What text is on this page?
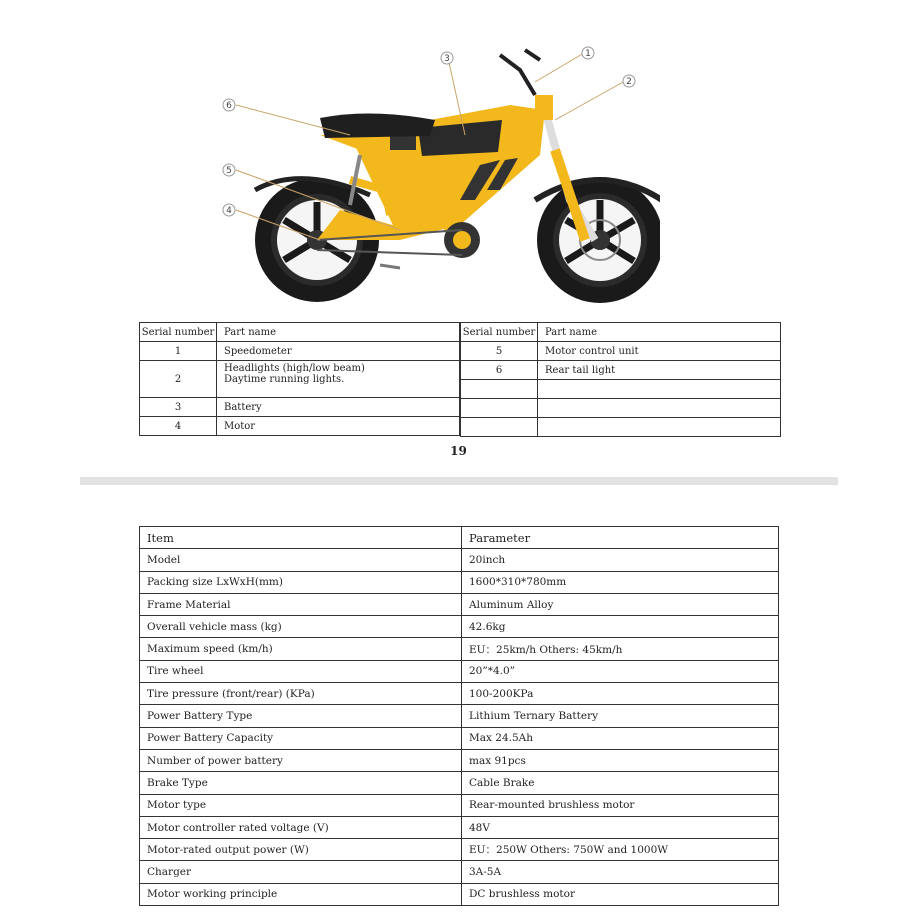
1
2
3
6
5
4
Serial number	Part name
1	Speedometer
2	Headlights (high/low beam)
Daytime running lights.

3	Battery
4	Motor
Serial number	Part name
5	Motor control unit
6	Rear tail light

19
Item	Parameter
Model	20inch
Packing size LxWxH(mm)	1600*310*780mm
Frame Material	Aluminum Alloy
Overall vehicle mass (kg)	42.6kg
Maximum speed (km/h)	EU：25km/h Others: 45km/h
Tire wheel	20”*4.0”
Tire pressure (front/rear) (KPa)	100-200KPa
Power Battery Type	Lithium Ternary Battery
Power Battery Capacity	Max 24.5Ah
Number of power battery	max 91pcs
Brake Type	Cable Brake
Motor type	Rear-mounted brushless motor
Motor controller rated voltage (V)	48V
Motor-rated output power (W)	EU：250W Others: 750W and 1000W
Charger	3A-5A
Motor working principle	DC brushless motor
